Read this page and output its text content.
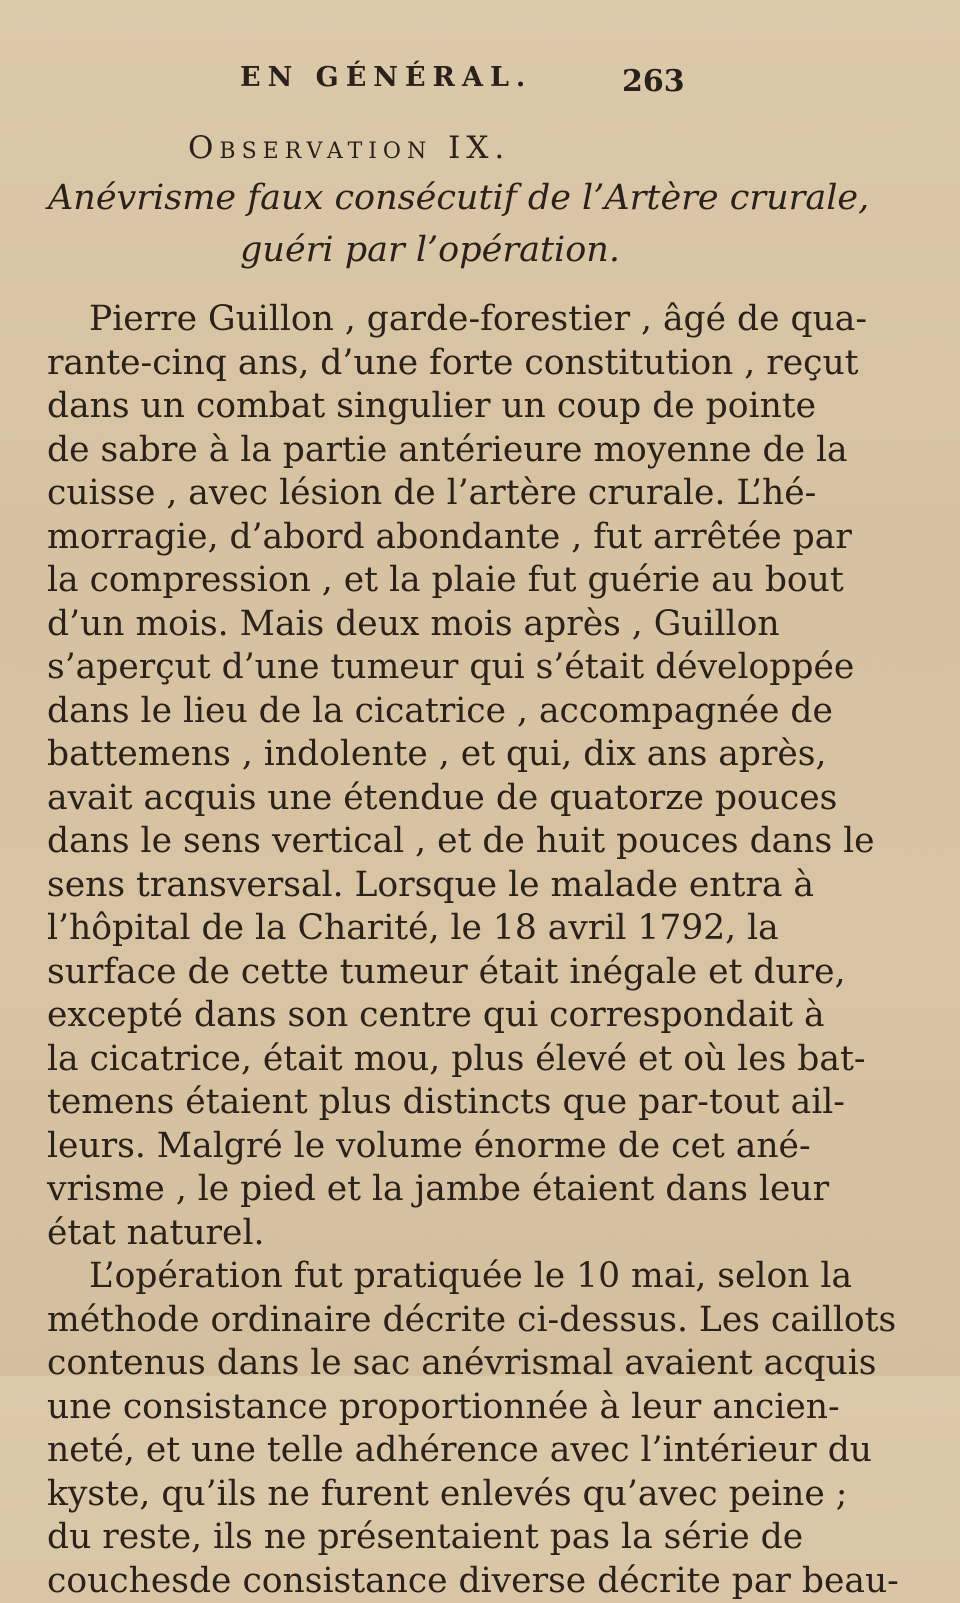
EN GÉNÉRAL.	263
Observation IX.
Anévrisme faux consécutif de l’Artère crurale,
guéri par l’opération.
Pierre Guillon , garde-forestier , âgé de qua-
rante-cinq ans, d’une forte constitution , reçut
dans un combat singulier un coup de pointe
de sabre à la partie antérieure moyenne de la
cuisse , avec lésion de l’artère crurale. L’hé-
morragie, d’abord abondante , fut arrêtée par
la compression , et la plaie fut guérie au bout
d’un mois. Mais deux mois après , Guillon
s’aperçut d’une tumeur qui s’était développée
dans le lieu de la cicatrice , accompagnée de
battemens , indolente , et qui, dix ans après,
avait acquis une étendue de quatorze pouces
dans le sens vertical , et de huit pouces dans le
sens transversal. Lorsque le malade entra à
l’hôpital de la Charité, le 18 avril 1792, la
surface de cette tumeur était inégale et dure,
excepté dans son centre qui correspondait à
la cicatrice, était mou, plus élevé et où les bat-
temens étaient plus distincts que par-tout ail-
leurs. Malgré le volume énorme de cet ané-
vrisme , le pied et la jambe étaient dans leur
état naturel.
L’opération fut pratiquée le 10 mai, selon la
méthode ordinaire décrite ci-dessus. Les caillots
contenus dans le sac anévrismal avaient acquis
une consistance proportionnée à leur ancien-
neté, et une telle adhérence avec l’intérieur du
kyste, qu’ils ne furent enlevés qu’avec peine ;
du reste, ils ne présentaient pas la série de
couchesde consistance diverse décrite par beau-
